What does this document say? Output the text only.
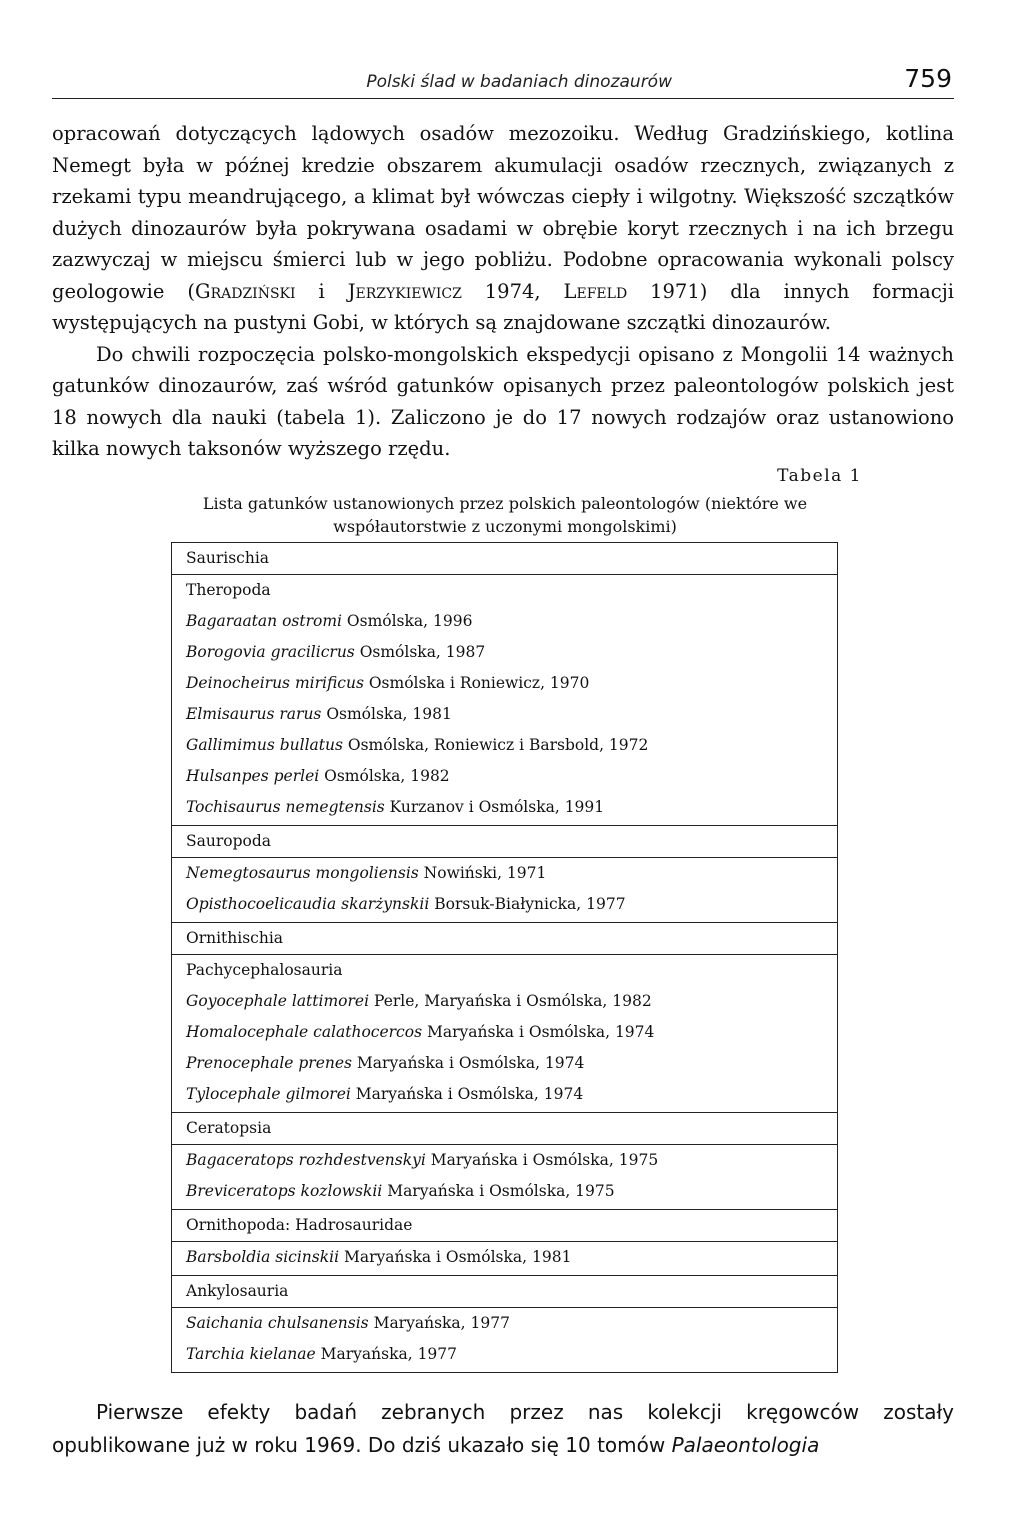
Polski ślad w badaniach dinozaurów	759

opracowań dotyczących lądowych osadów mezozoiku. Według Gradzińskiego, kotlina Nemegt była w późnej kredzie obszarem akumulacji osadów rzecznych, związanych z rzekami typu meandrującego, a klimat był wówczas ciepły i wilgotny. Większość szczątków dużych dinozaurów była pokrywana osadami w obrębie koryt rzecznych i na ich brzegu zazwyczaj w miejscu śmierci lub w jego pobliżu. Podobne opracowania wykonali polscy geologowie (Gradziński i Jerzykiewicz 1974, Lefeld 1971) dla innych formacji występujących na pustyni Gobi, w których są znajdowane szczątki dinozaurów.

Do chwili rozpoczęcia polsko-mongolskich ekspedycji opisano z Mongolii 14 ważnych gatunków dinozaurów, zaś wśród gatunków opisanych przez paleontologów polskich jest 18 nowych dla nauki (tabela 1). Zaliczono je do 17 nowych rodzajów oraz ustanowiono kilka nowych taksonów wyższego rzędu.

Tabela 1
Lista gatunków ustanowionych przez polskich paleontologów (niektóre we współautorstwie z uczonymi mongolskimi)
Saurischia
Theropoda
Bagaraatan ostromi Osmólska, 1996
Borogovia gracilicrus Osmólska, 1987
Deinocheirus mirificus Osmólska i Roniewicz, 1970
Elmisaurus rarus Osmólska, 1981
Gallimimus bullatus Osmólska, Roniewicz i Barsbold, 1972
Hulsanpes perlei Osmólska, 1982
Tochisaurus nemegtensis Kurzanov i Osmólska, 1991
Sauropoda
Nemegtosaurus mongoliensis Nowiński, 1971
Opisthocoelicaudia skarżynskii Borsuk-Białynicka, 1977
Ornithischia
Pachycephalosauria
Goyocephale lattimorei Perle, Maryańska i Osmólska, 1982
Homalocephale calathocercos Maryańska i Osmólska, 1974
Prenocephale prenes Maryańska i Osmólska, 1974
Tylocephale gilmorei Maryańska i Osmólska, 1974
Ceratopsia
Bagaceratops rozhdestvenskyi Maryańska i Osmólska, 1975
Breviceratops kozlowskii Maryańska i Osmólska, 1975
Ornithopoda: Hadrosauridae
Barsboldia sicinskii Maryańska i Osmólska, 1981
Ankylosauria
Saichania chulsanensis Maryańska, 1977
Tarchia kielanae Maryańska, 1977

Pierwsze efekty badań zebranych przez nas kolekcji kręgowców zostały opublikowane już w roku 1969. Do dziś ukazało się 10 tomów Palaeontologia
